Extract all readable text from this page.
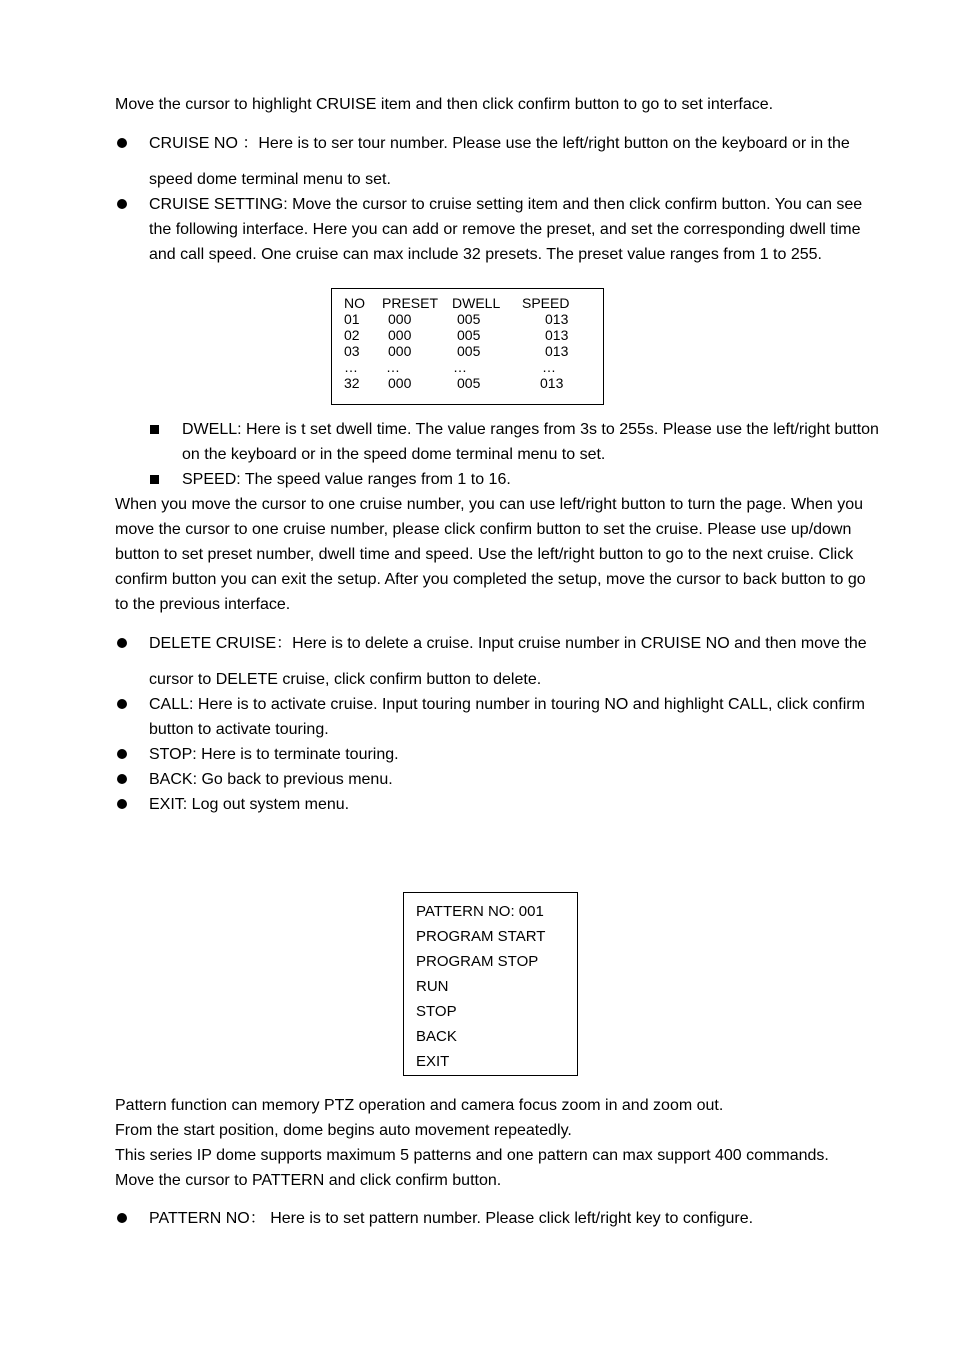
Move the cursor to highlight CRUISE item and then click confirm button to go to set interface.

CRUISE NO ：Here is to ser tour number. Please use the left/right button on the keyboard or in the
speed dome terminal menu to set.
CRUISE SETTING: Move the cursor to cruise setting item and then click confirm button. You can see
the following interface. Here you can add or remove the preset, and set the corresponding dwell time
and call speed. One cruise can max include 32 presets. The preset value ranges from 1 to 255.
NO PRESET DWELL SPEED
01 000	005	013
02 000	005	013
03 000	005	013
… …	…	…
32 000	005	013
DWELL: Here is t set dwell time. The value ranges from 3s to 255s. Please use the left/right button
on the keyboard or in the speed dome terminal menu to set.
SPEED: The speed value ranges from 1 to 16.
When you move the cursor to one cruise number, you can use left/right button to turn the page. When you
move the cursor to one cruise number, please click confirm button to set the cruise. Please use up/down
button to set preset number, dwell time and speed. Use the left/right button to go to the next cruise. Click
confirm button you can exit the setup. After you completed the setup, move the cursor to back button to go
to the previous interface.
DELETE CRUISE：Here is to delete a cruise. Input cruise number in CRUISE NO and then move the
cursor to DELETE cruise, click confirm button to delete.
CALL: Here is to activate cruise. Input touring number in touring NO and highlight CALL, click confirm
button to activate touring.
STOP: Here is to terminate touring.
BACK: Go back to previous menu.
EXIT: Log out system menu.
PATTERN NO: 001
PROGRAM START
PROGRAM STOP
RUN
STOP
BACK
EXIT
Pattern function can memory PTZ operation and camera focus zoom in and zoom out.
From the start position, dome begins auto movement repeatedly.
This series IP dome supports maximum 5 patterns and one pattern can max support 400 commands.
Move the cursor to PATTERN and click confirm button.
PATTERN NO： Here is to set pattern number. Please click left/right key to configure.
